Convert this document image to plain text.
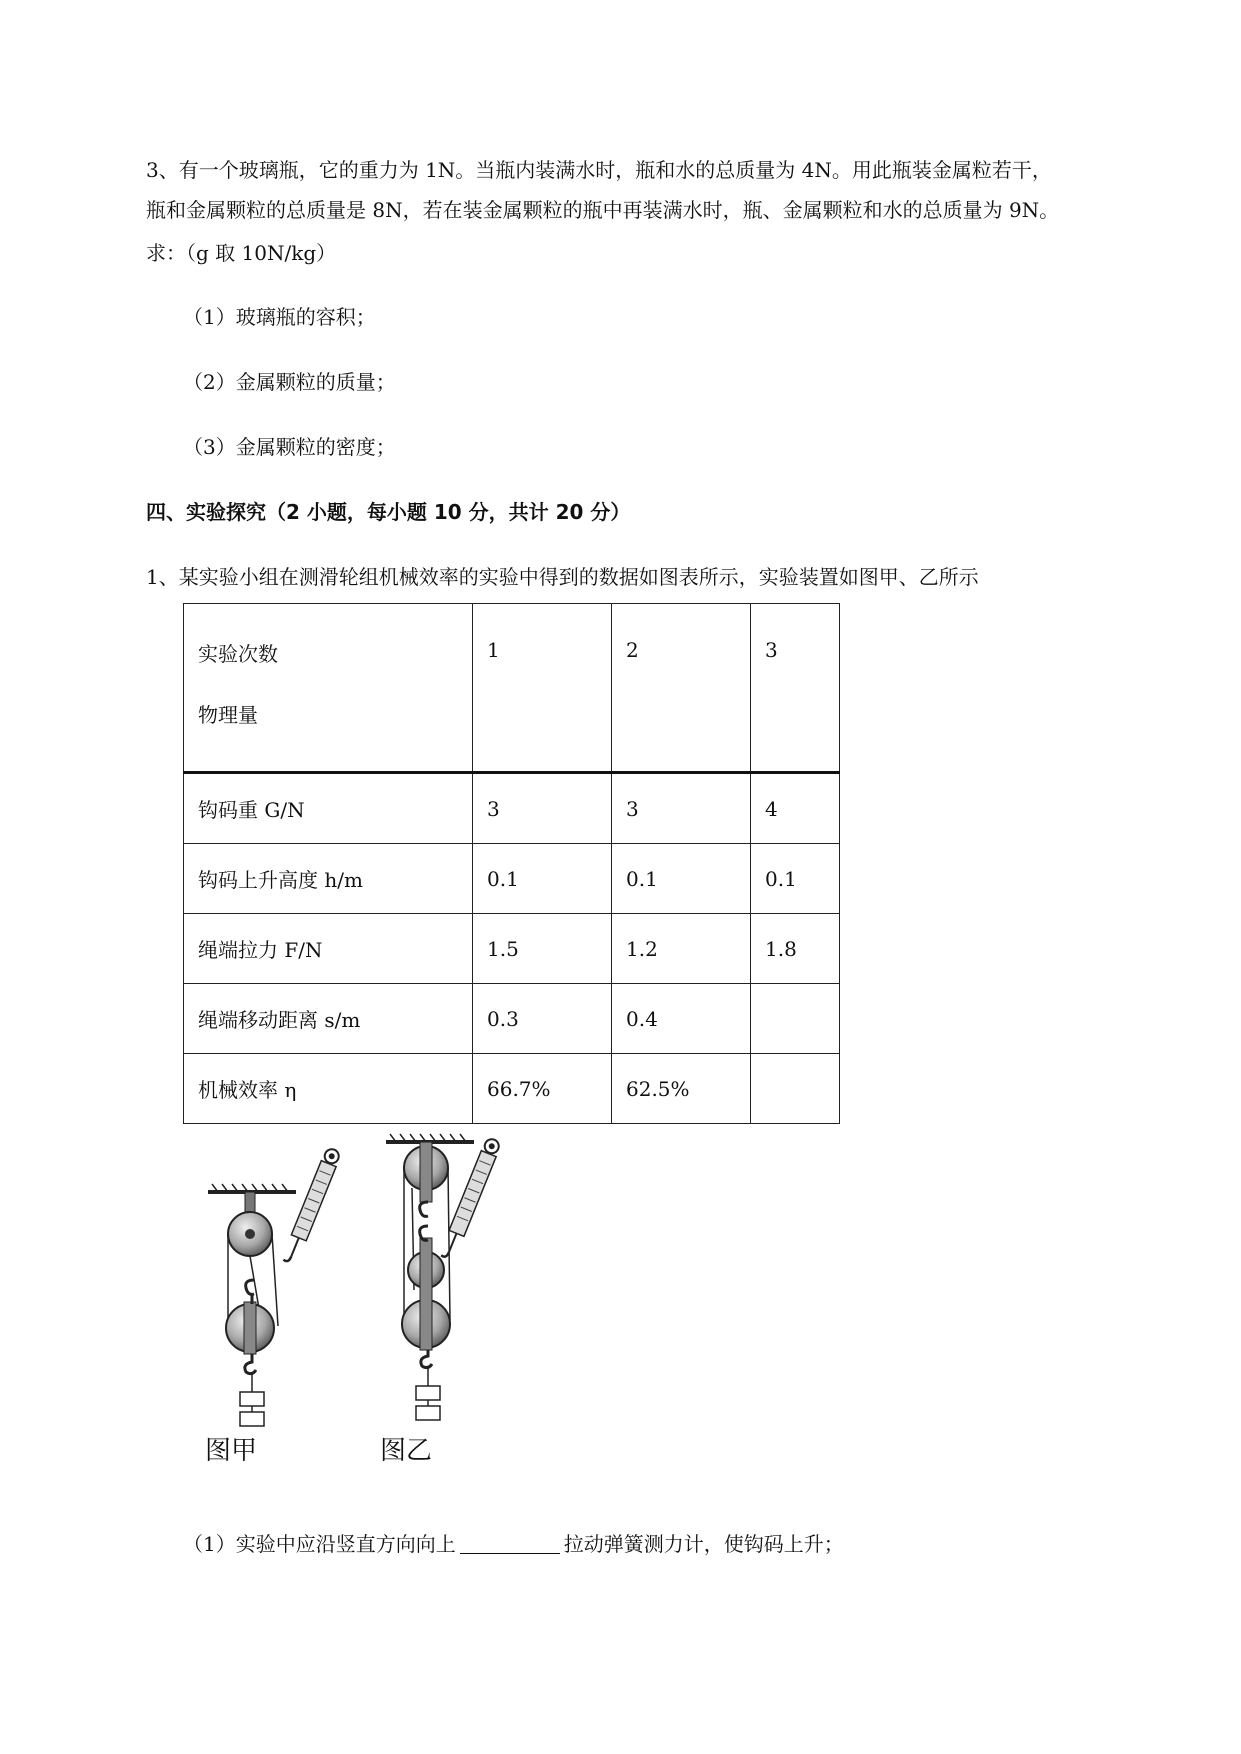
3、有一个玻璃瓶，它的重力为 1N。当瓶内装满水时，瓶和水的总质量为 4N。用此瓶装金属粒若干，
瓶和金属颗粒的总质量是 8N，若在装金属颗粒的瓶中再装满水时，瓶、金属颗粒和水的总质量为 9N。
求：（g 取 10N/kg）
（1）玻璃瓶的容积；
（2）金属颗粒的质量；
（3）金属颗粒的密度；
四、实验探究（2 小题，每小题 10 分，共计 20 分）
1、某实验小组在测滑轮组机械效率的实验中得到的数据如图表所示，实验装置如图甲、乙所示
实验次数
物理量	1	2	3
钩码重 G/N	3	3	4
钩码上升高度 h/m	0.1	0.1	0.1
绳端拉力 F/N	1.5	1.2	1.8
绳端移动距离 s/m	0.3	0.4	
机械效率 η	66.7%	62.5%	
图甲	图乙
（1）实验中应沿竖直方向向上	拉动弹簧测力计，使钩码上升；
